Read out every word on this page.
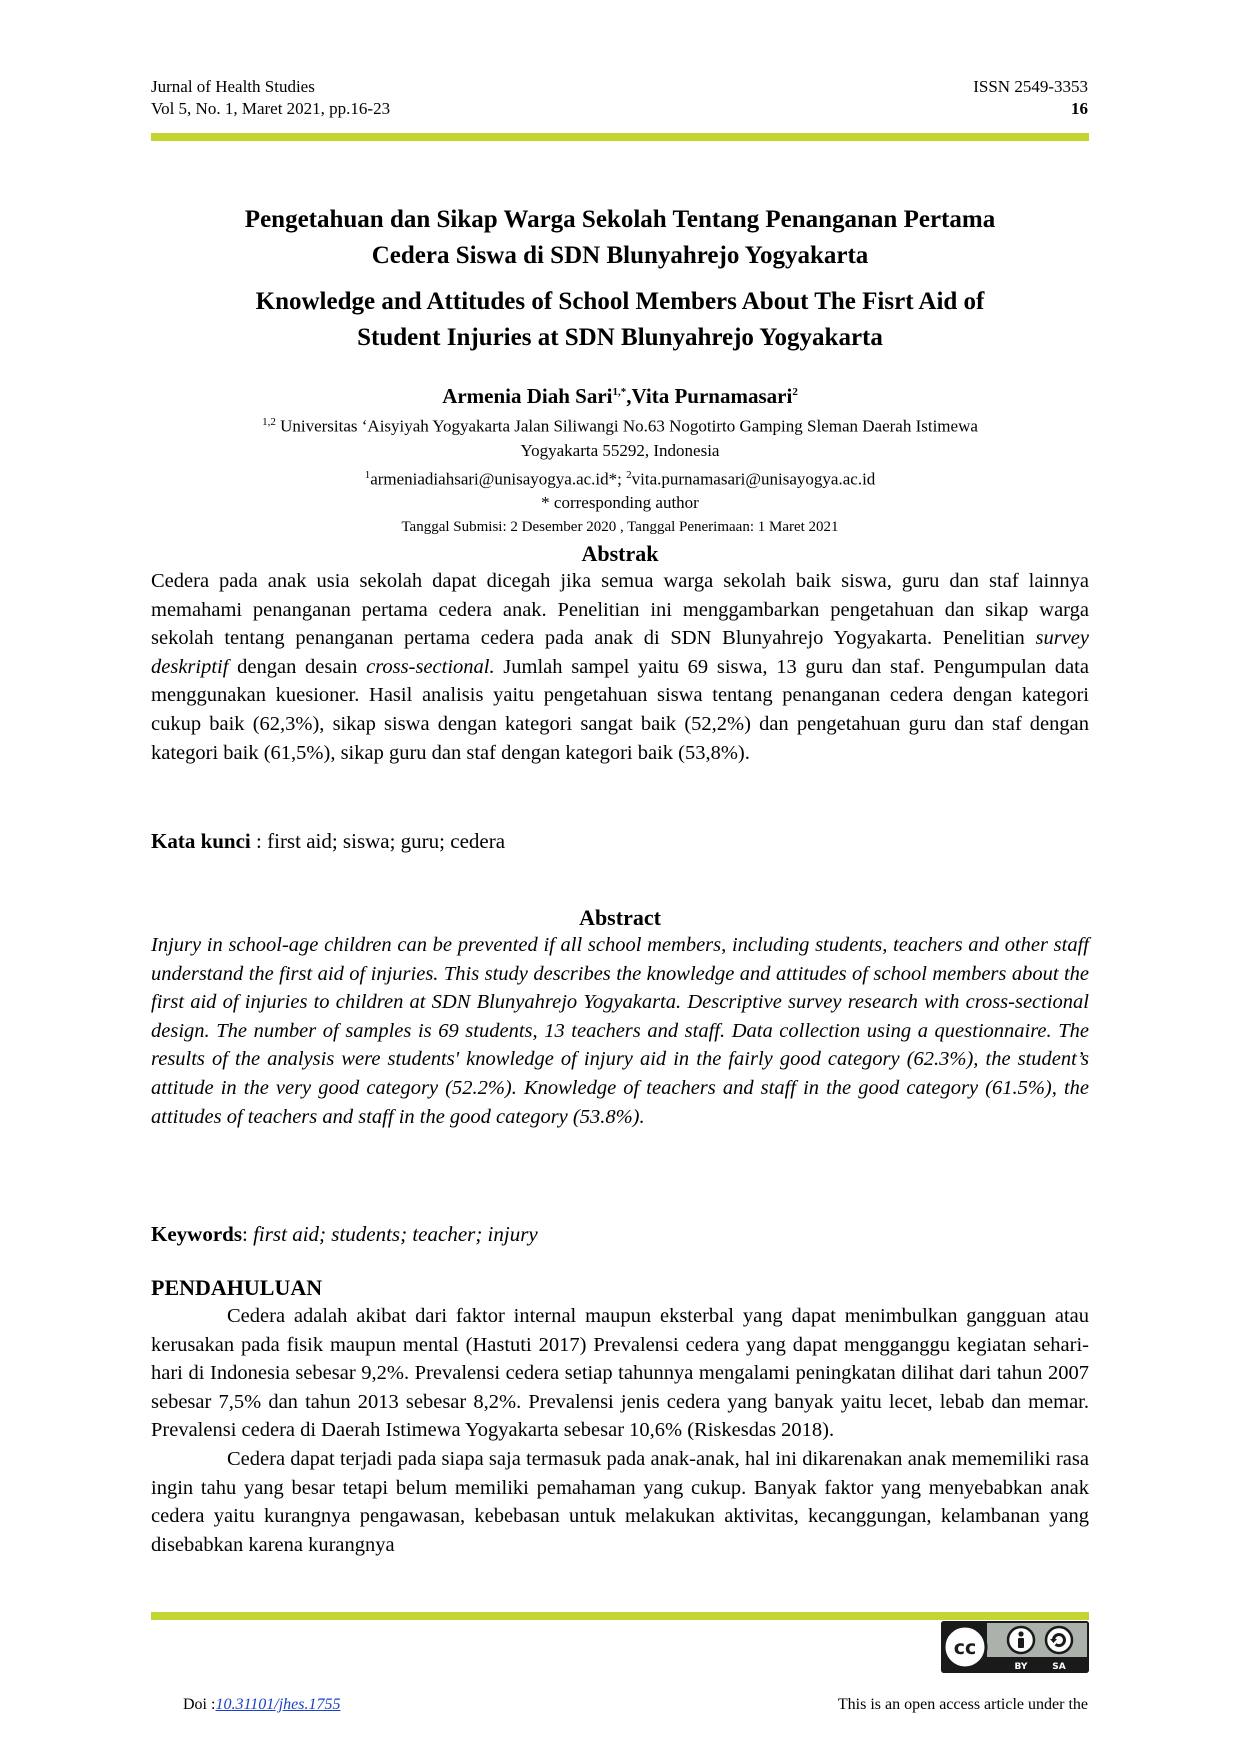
Jurnal of Health Studies
Vol 5, No. 1, Maret 2021, pp.16-23
ISSN 2549-3353
16

Pengetahuan dan Sikap Warga Sekolah Tentang Penanganan Pertama
Cedera Siswa di SDN Blunyahrejo Yogyakarta

Knowledge and Attitudes of School Members About The Fisrt Aid of
Student Injuries at SDN Blunyahrejo Yogyakarta

Armenia Diah Sari$^{1,*}$,Vita Purnamasari$^2$
$^{1,2}$ Universitas ‘Aisyiyah Yogyakarta Jalan Siliwangi No.63 Nogotirto Gamping Sleman Daerah Istimewa
Yogyakarta 55292, Indonesia
$^1$armeniadiahsari@unisayogya.ac.id*; $^2$vita.purnamasari@unisayogya.ac.id
* corresponding author
Tanggal Submisi: 2 Desember 2020 , Tanggal Penerimaan: 1 Maret 2021
Abstrak

Cedera pada anak usia sekolah dapat dicegah jika semua warga sekolah baik siswa, guru dan staf lainnya memahami penanganan pertama cedera anak. Penelitian ini menggambarkan pengetahuan dan sikap warga sekolah tentang penanganan pertama cedera pada anak di SDN Blunyahrejo Yogyakarta. Penelitian survey deskriptif dengan desain cross-sectional. Jumlah sampel yaitu 69 siswa, 13 guru dan staf. Pengumpulan data menggunakan kuesioner. Hasil analisis yaitu pengetahuan siswa tentang penanganan cedera dengan kategori cukup baik (62,3%), sikap siswa dengan kategori sangat baik (52,2%) dan pengetahuan guru dan staf dengan kategori baik (61,5%), sikap guru dan staf dengan kategori baik (53,8%).

Kata kunci : first aid; siswa; guru; cedera
Abstract

Injury in school-age children can be prevented if all school members, including students, teachers and other staff understand the first aid of injuries. This study describes the knowledge and attitudes of school members about the first aid of injuries to children at SDN Blunyahrejo Yogyakarta. Descriptive survey research with cross-sectional design. The number of samples is 69 students, 13 teachers and staff. Data collection using a questionnaire. The results of the analysis were students' knowledge of injury aid in the fairly good category (62.3%), the student’s attitude in the very good category (52.2%). Knowledge of teachers and staff in the good category (61.5%), the attitudes of teachers and staff in the good category (53.8%).

Keywords: first aid; students; teacher; injury
PENDAHULUAN

Cedera adalah akibat dari faktor internal maupun eksterbal yang dapat menimbulkan gangguan atau kerusakan pada fisik maupun mental (Hastuti 2017) Prevalensi cedera yang dapat mengganggu kegiatan sehari-hari di Indonesia sebesar 9,2%. Prevalensi cedera setiap tahunnya mengalami peningkatan dilihat dari tahun 2007 sebesar 7,5% dan tahun 2013 sebesar 8,2%. Prevalensi jenis cedera yang banyak yaitu lecet, lebab dan memar. Prevalensi cedera di Daerah Istimewa Yogyakarta sebesar 10,6% (Riskesdas 2018).

Cedera dapat terjadi pada siapa saja termasuk pada anak-anak, hal ini dikarenakan anak mememiliki rasa ingin tahu yang besar tetapi belum memiliki pemahaman yang cukup. Banyak faktor yang menyebabkan anak cedera yaitu kurangnya pengawasan, kebebasan untuk melakukan aktivitas, kecanggungan, kelambanan yang disebabkan karena kurangnya

cc
BY	SA
Doi :10.31101/jhes.1755	This is an open access article under the
